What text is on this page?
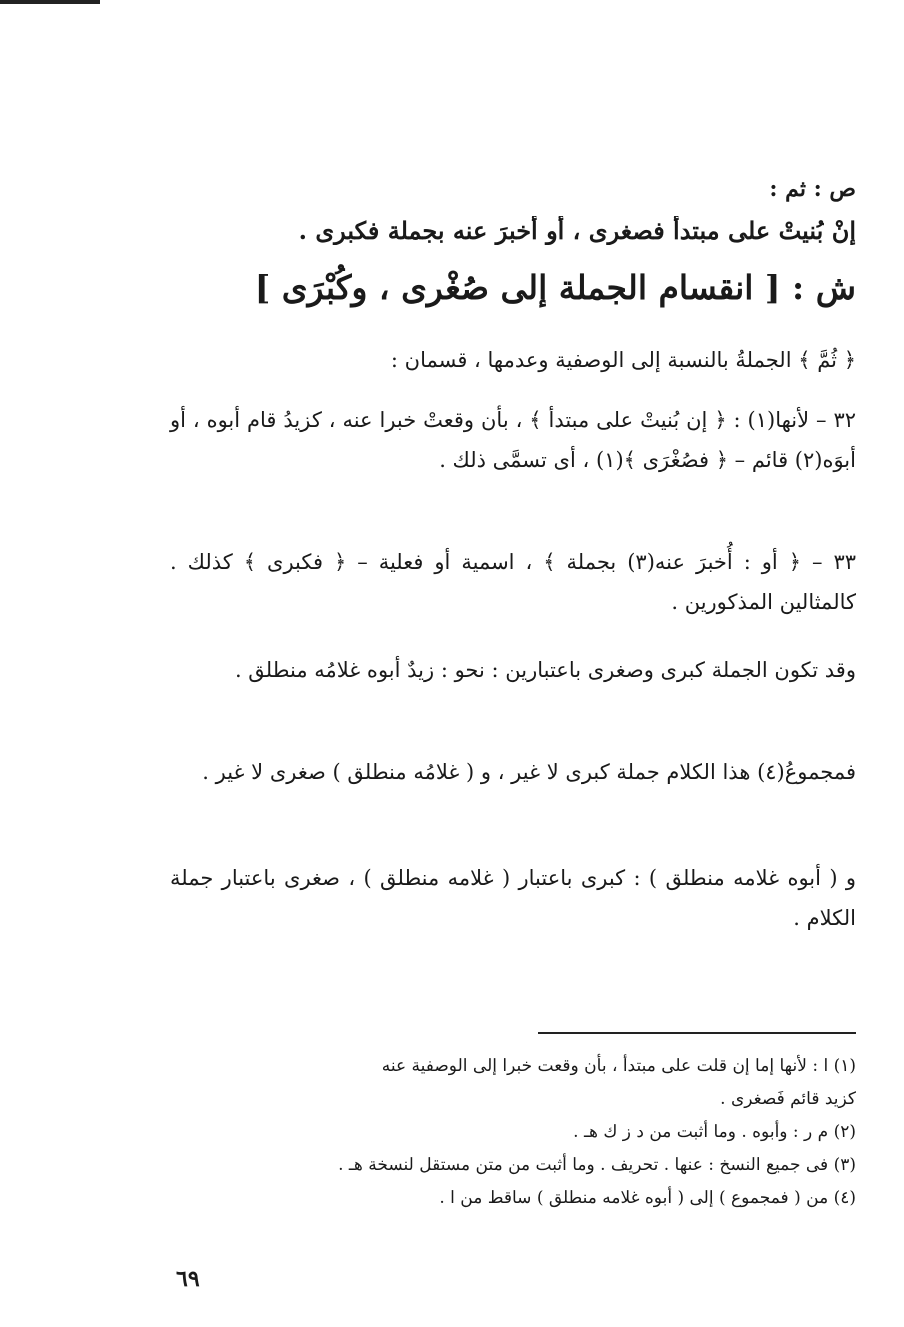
ص : ثم :
إنْ بُنيتْ على مبتدأ فصغرى ، أو أخبرَ عنه بجملة فكبرى .
ش : [ انقسام الجملة إلى صُغْرى ، وكُبْرَى ]
﴿ ثُمَّ ﴾ الجملةُ بالنسبة إلى الوصفية وعدمها ، قسمان :
٣٢ – لأنها(١) : ﴿ إن بُنيتْ على مبتدأ ﴾ ، بأن وقعتْ خبرا عنه ، كزيدُ قام أبوه ، أو أبوَه(٢) قائم – ﴿ فصُغْرَى ﴾(١) ، أى تسمَّى ذلك .
٣٣ – ﴿ أو : أُخبرَ عنه(٣) بجملة ﴾ ، اسمية أو فعلية – ﴿ فكبرى ﴾ كذلك . كالمثالين المذكورين .
وقد تكون الجملة كبرى وصغرى باعتبارين : نحو : زيدٌ أبوه غلامُه منطلق .
فمجموعُ(٤) هذا الكلام جملة كبرى لا غير ، و ( غلامُه منطلق ) صغرى لا غير .
و ( أبوه غلامه منطلق ) : كبرى باعتبار ( غلامه منطلق ) ، صغرى باعتبار جملة الكلام .
(١) ا : لأنها إما إن قلت على مبتدأ ، بأن وقعت خبرا إلى الوصفية عنه
كزيد قائم فَصغرى .
(٢) م ر : وأبوه . وما أثبت من د ز ك هـ .
(٣) فى جميع النسخ : عنها . تحريف . وما أثبت من متن مستقل لنسخة هـ .
(٤) من ( فمجموع ) إلى ( أبوه غلامه منطلق ) ساقط من ا .
٦٩
